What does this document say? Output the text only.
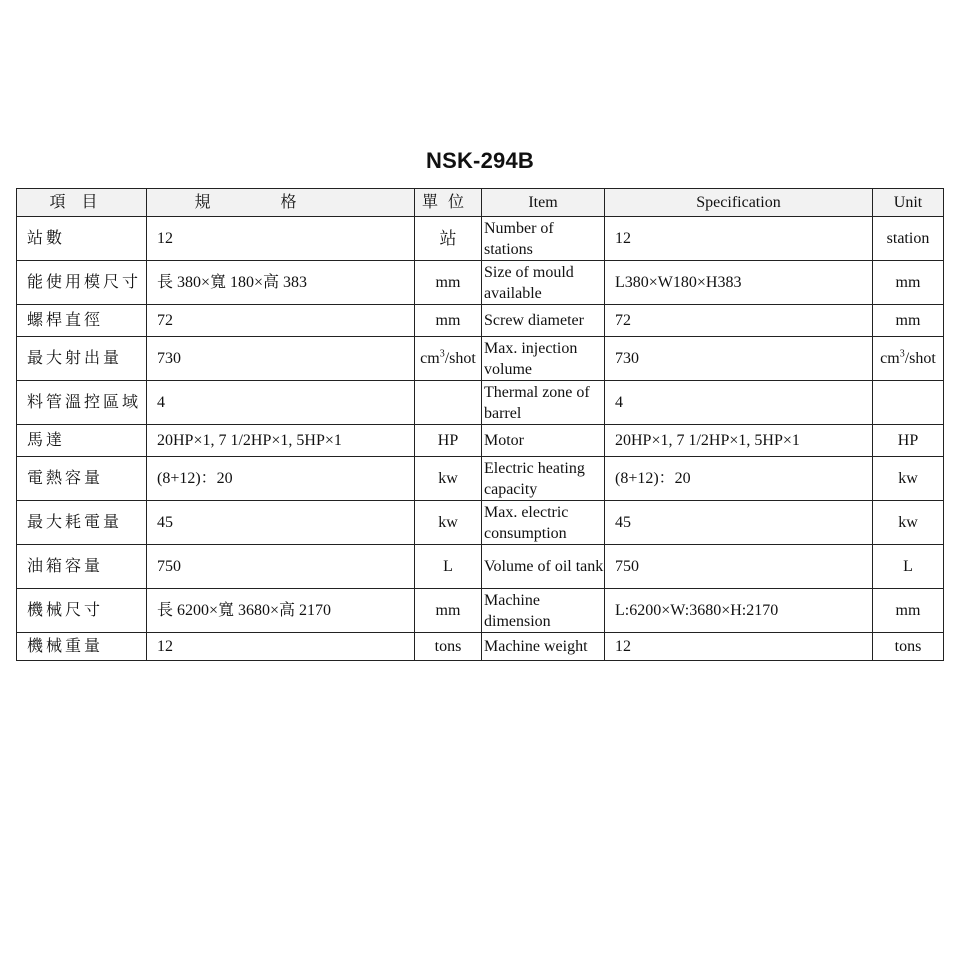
NSK-294B
項目	規格	單位	Item	Specification	Unit
站數	12	站	Number of stations	12	station
能使用模尺寸	長 380×寬 180×高 383	mm	Size of mould available	L380×W180×H383	mm
螺桿直徑	72	mm	Screw diameter	72	mm
最大射出量	730	$cm^3$/shot	Max. injection volume	730	$cm^3$/shot
料管溫控區域	4		Thermal zone of barrel	4	
馬達	20HP×1, 7 1/2HP×1, 5HP×1	HP	Motor	20HP×1, 7 1/2HP×1, 5HP×1	HP
電熱容量	(8+12)：20	kw	Electric heating capacity	(8+12)：20	kw
最大耗電量	45	kw	Max. electric consumption	45	kw
油箱容量	750	L	Volume of oil tank	750	L
機械尺寸	長 6200×寬 3680×高 2170	mm	Machine dimension	L:6200×W:3680×H:2170	mm
機械重量	12	tons	Machine weight	12	tons
